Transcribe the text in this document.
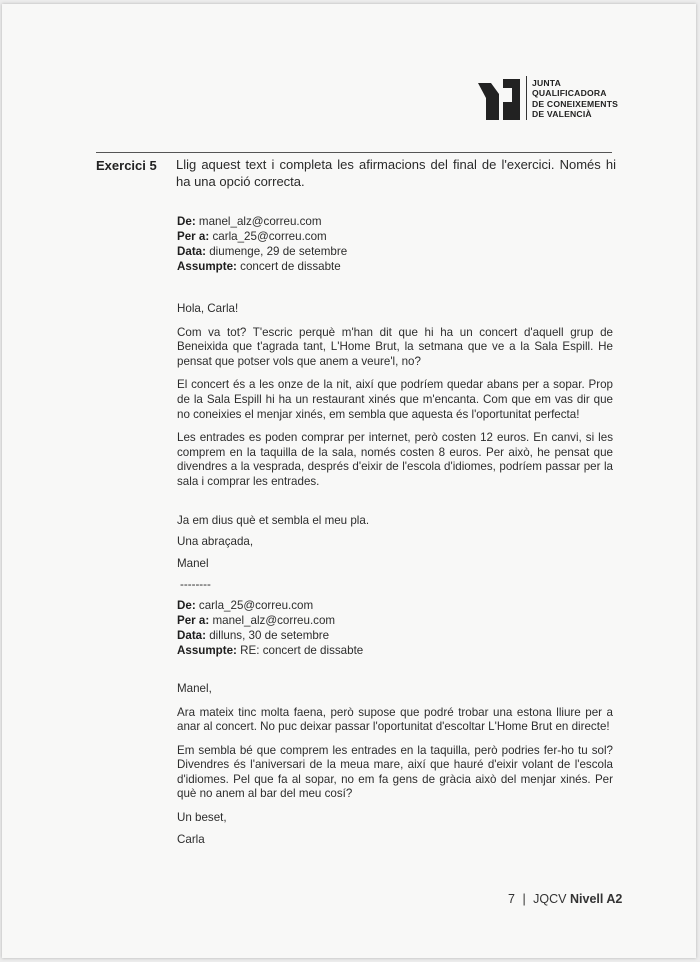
JUNTA
QUALIFICADORA
DE CONEIXEMENTS
DE VALENCIÀ
Exercici 5 Llig aquest text i completa les afirmacions del final de l'exercici. Només hi ha una opció correcta.

De: manel_alz@correu.com

Per a: carla_25@correu.com

Data: diumenge, 29 de setembre

Assumpte: concert de dissabte

Hola, Carla!

Com va tot? T'escric perquè m'han dit que hi ha un concert d'aquell grup de Beneixida que t'agrada tant, L'Home Brut, la setmana que ve a la Sala Espill. He pensat que potser vols que anem a veure'l, no?

El concert és a les onze de la nit, així que podríem quedar abans per a sopar. Prop de la Sala Espill hi ha un restaurant xinés que m'encanta. Com que em vas dir que no coneixies el menjar xinés, em sembla que aquesta és l'oportunitat perfecta!

Les entrades es poden comprar per internet, però costen 12 euros. En canvi, si les comprem en la taquilla de la sala, només costen 8 euros. Per això, he pensat que divendres a la vesprada, després d'eixir de l'escola d'idiomes, podríem passar per la sala i comprar les entrades.

Ja em dius què et sembla el meu pla.

Una abraçada,

Manel

--------

De: carla_25@correu.com

Per a: manel_alz@correu.com

Data: dilluns, 30 de setembre

Assumpte: RE: concert de dissabte

Manel,

Ara mateix tinc molta faena, però supose que podré trobar una estona lliure per a anar al concert. No puc deixar passar l'oportunitat d'escoltar L'Home Brut en directe!

Em sembla bé que comprem les entrades en la taquilla, però podries fer-ho tu sol? Divendres és l'aniversari de la meua mare, així que hauré d'eixir volant de l'escola d'idiomes. Pel que fa al sopar, no em fa gens de gràcia això del menjar xinés. Per què no anem al bar del meu cosí?

Un beset,

Carla

7 | JQCV Nivell A2
